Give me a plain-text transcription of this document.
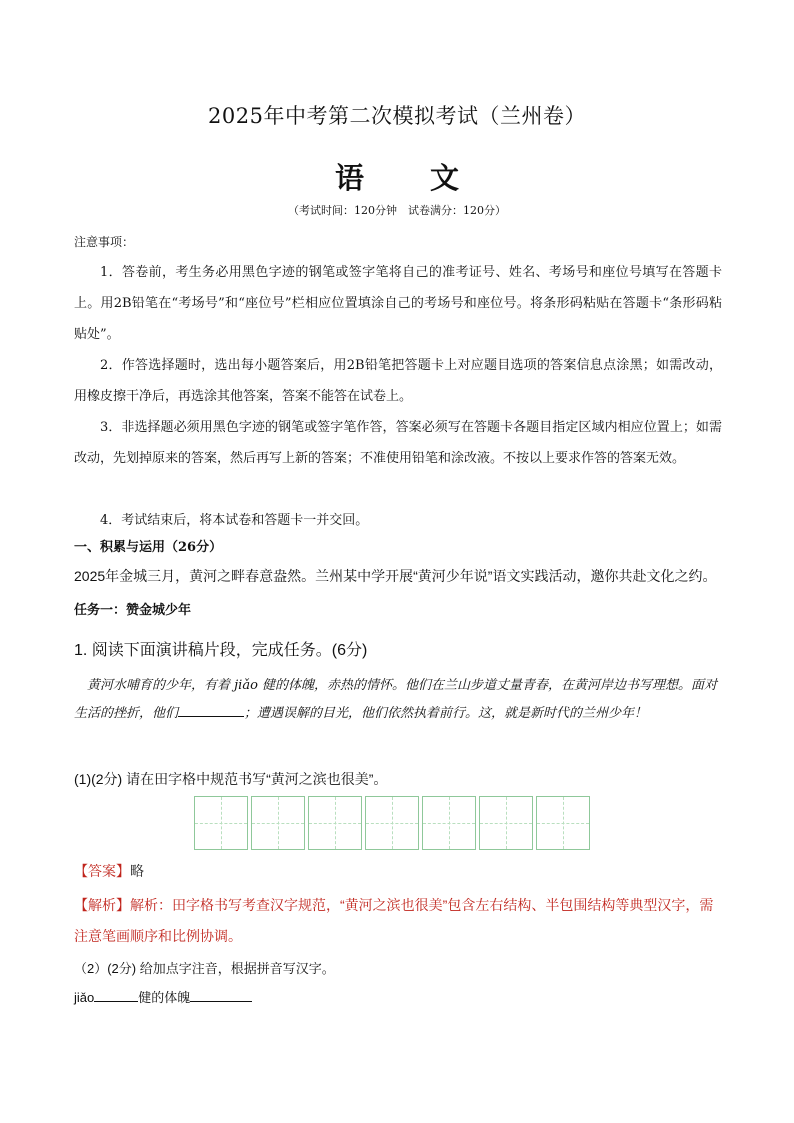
2025年中考第二次模拟考试（兰州卷）
语 文
（考试时间：120分钟　试卷满分：120分）
注意事项：
1．答卷前，考生务必用黑色字迹的钢笔或签字笔将自己的准考证号、姓名、考场号和座位号填写在答题卡上。用2B铅笔在“考场号”和“座位号”栏相应位置填涂自己的考场号和座位号。将条形码粘贴在答题卡“条形码粘贴处”。
2．作答选择题时，选出每小题答案后，用2B铅笔把答题卡上对应题目选项的答案信息点涂黑；如需改动，用橡皮擦干净后，再选涂其他答案，答案不能答在试卷上。
3．非选择题必须用黑色字迹的钢笔或签字笔作答，答案必须写在答题卡各题目指定区域内相应位置上；如需改动，先划掉原来的答案，然后再写上新的答案；不准使用铅笔和涂改液。不按以上要求作答的答案无效。
4．考试结束后，将本试卷和答题卡一并交回。
一、积累与运用（26分）
2025年金城三月，黄河之畔春意盎然。兰州某中学开展“黄河少年说”语文实践活动，邀你共赴文化之约。
任务一：赞金城少年
1. 阅读下面演讲稿片段，完成任务。(6分)
黄河水哺育的少年，有着 jiǎo 健的体魄，赤热的情怀。他们在兰山步道丈量青春，在黄河岸边书写理想。面对生活的挫折，他们	；遭遇误解的目光，他们依然执着前行。这，就是新时代的兰州少年！
(1)(2分) 请在田字格中规范书写“黄河之滨也很美”。
【答案】略
【解析】解析：田字格书写考查汉字规范，“黄河之滨也很美”包含左右结构、半包围结构等典型汉字，需注意笔画顺序和比例协调。
（2）(2分) 给加点字注音，根据拼音写汉字。
jiǎo	健的体魄
